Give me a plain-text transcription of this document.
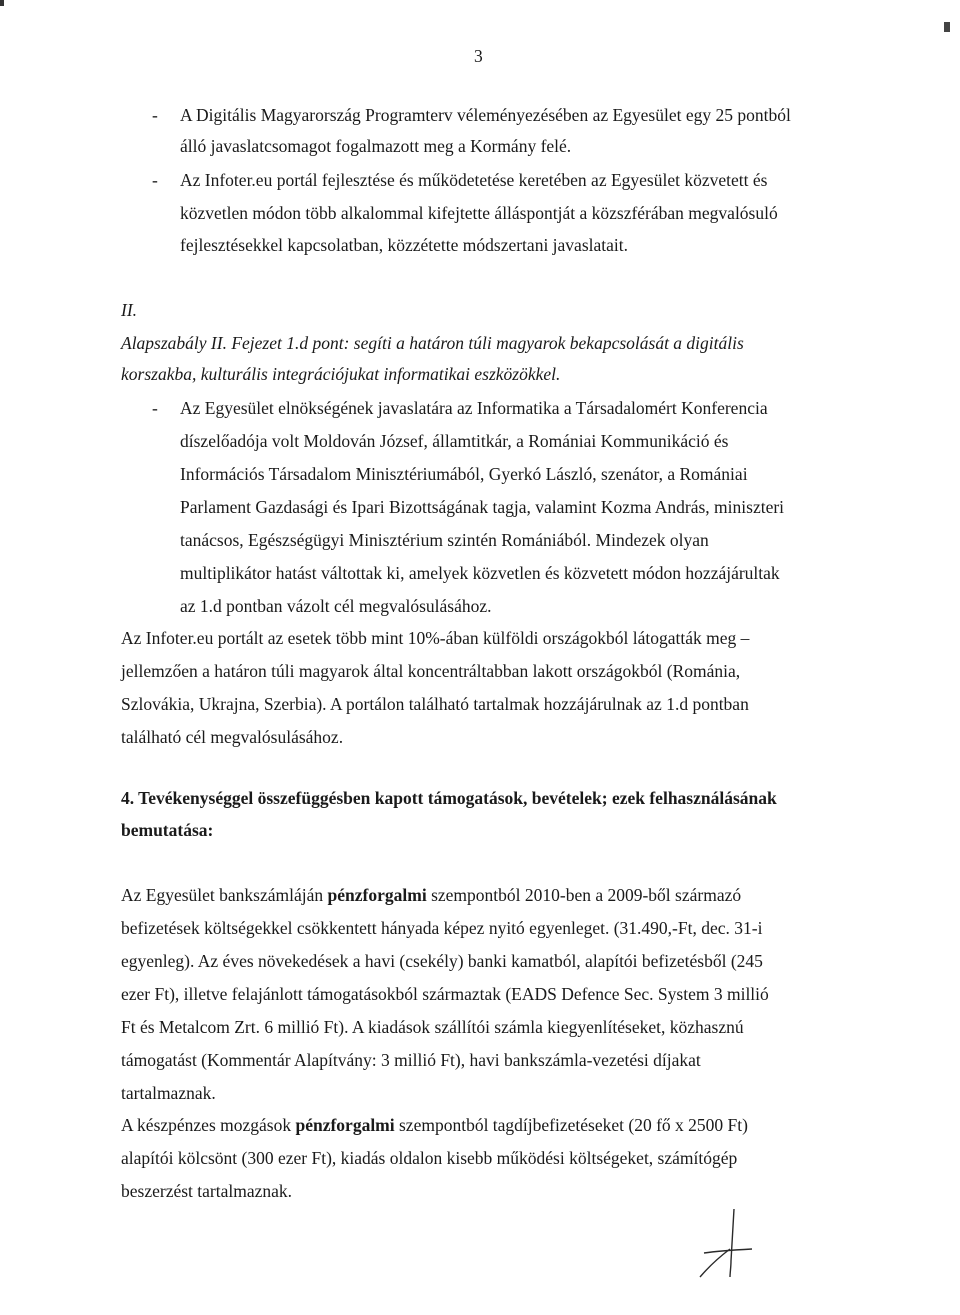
3
- A Digitális Magyarország Programterv véleményezésében az Egyesület egy 25 pontból
álló javaslatcsomagot fogalmazott meg a Kormány felé.
- Az Infoter.eu portál fejlesztése és működetetése keretében az Egyesület közvetett és
közvetlen módon több alkalommal kifejtette álláspontját a közszférában megvalósuló
fejlesztésekkel kapcsolatban, közzétette módszertani javaslatait.
II.
Alapszabály II. Fejezet 1.d pont: segíti a határon túli magyarok bekapcsolását a digitális
korszakba, kulturális integrációjukat informatikai eszközökkel.
- Az Egyesület elnökségének javaslatára az Informatika a Társadalomért Konferencia
díszelőadója volt Moldován József, államtitkár, a Romániai Kommunikáció és
Információs Társadalom Minisztériumából, Gyerkó László, szenátor, a Romániai
Parlament Gazdasági és Ipari Bizottságának tagja, valamint Kozma András, miniszteri
tanácsos, Egészségügyi Minisztérium szintén Romániából. Mindezek olyan
multiplikátor hatást váltottak ki, amelyek közvetlen és közvetett módon hozzájárultak
az 1.d pontban vázolt cél megvalósulásához.
Az Infoter.eu portált az esetek több mint 10%-ában külföldi országokból látogatták meg –
jellemzően a határon túli magyarok által koncentráltabban lakott országokból (Románia,
Szlovákia, Ukrajna, Szerbia). A portálon található tartalmak hozzájárulnak az 1.d pontban
található cél megvalósulásához.
4. Tevékenységgel összefüggésben kapott támogatások, bevételek; ezek felhasználásának
bemutatása:
Az Egyesület bankszámláján pénzforgalmi szempontból 2010-ben a 2009-ből származó
befizetések költségekkel csökkentett hányada képez nyitó egyenleget. (31.490,-Ft, dec. 31-i
egyenleg). Az éves növekedések a havi (csekély) banki kamatból, alapítói befizetésből (245
ezer Ft), illetve felajánlott támogatásokból származtak (EADS Defence Sec. System 3 millió
Ft és Metalcom Zrt. 6 millió Ft). A kiadások szállítói számla kiegyenlítéseket, közhasznú
támogatást (Kommentár Alapítvány: 3 millió Ft), havi bankszámla-vezetési díjakat
tartalmaznak.
A készpénzes mozgások pénzforgalmi szempontból tagdíjbefizetéseket (20 fő x 2500 Ft)
alapítói kölcsönt (300 ezer Ft), kiadás oldalon kisebb működési költségeket, számítógép
beszerzést tartalmaznak.
